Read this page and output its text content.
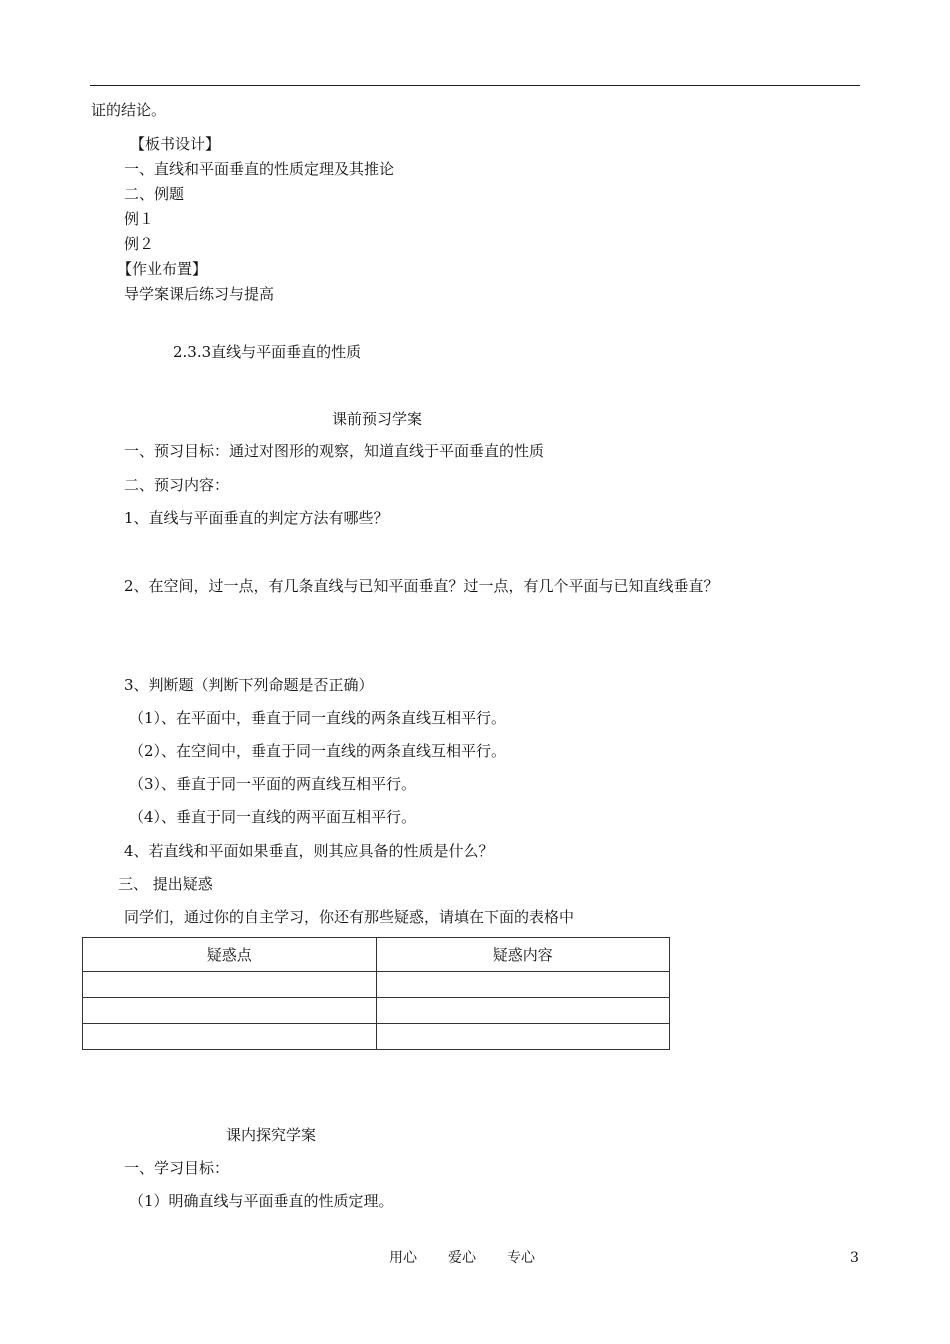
证的结论。
【板书设计】
一、直线和平面垂直的性质定理及其推论
二、例题
例１
例２
【作业布置】
导学案课后练习与提高
2.3.3直线与平面垂直的性质
课前预习学案
一、预习目标：通过对图形的观察，知道直线于平面垂直的性质
二、预习内容：
1、直线与平面垂直的判定方法有哪些？
2、在空间，过一点，有几条直线与已知平面垂直？过一点，有几个平面与已知直线垂直？
3、判断题（判断下列命题是否正确）
（1）、在平面中，垂直于同一直线的两条直线互相平行。
（2）、在空间中，垂直于同一直线的两条直线互相平行。
（3）、垂直于同一平面的两直线互相平行。
（4）、垂直于同一直线的两平面互相平行。
4、若直线和平面如果垂直，则其应具备的性质是什么？
三、 提出疑惑
同学们，通过你的自主学习，你还有那些疑惑，请填在下面的表格中
疑惑点	疑惑内容

课内探究学案
一、学习目标：
（1）明确直线与平面垂直的性质定理。
用心 爱心 专心	3
